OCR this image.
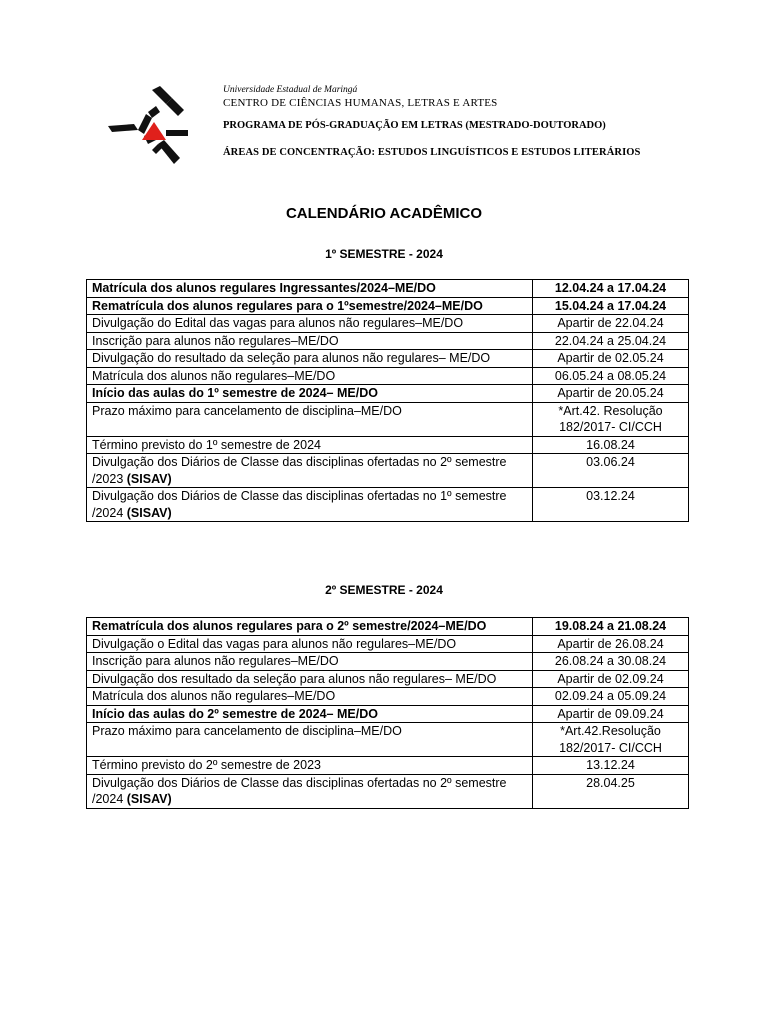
Universidade Estadual de Maringá
CENTRO DE CIÊNCIAS HUMANAS, LETRAS E ARTES
PROGRAMA DE PÓS-GRADUAÇÃO EM LETRAS (MESTRADO-DOUTORADO)
ÁREAS DE CONCENTRAÇÃO: ESTUDOS LINGUÍSTICOS E ESTUDOS LITERÁRIOS
CALENDÁRIO ACADÊMICO
1º SEMESTRE - 2024
Matrícula dos alunos regulares Ingressantes/2024–ME/DO	12.04.24 a 17.04.24
Rematrícula dos alunos regulares para o 1ºsemestre/2024–ME/DO	15.04.24 a 17.04.24
Divulgação do Edital das vagas para alunos não regulares–ME/DO	Apartir de 22.04.24
Inscrição para alunos não regulares–ME/DO	22.04.24 a 25.04.24
Divulgação do resultado da seleção para alunos não regulares– ME/DO	Apartir de 02.05.24
Matrícula dos alunos não regulares–ME/DO	06.05.24 a 08.05.24
Início das aulas do 1º semestre de 2024– ME/DO	Apartir de 20.05.24
Prazo máximo para cancelamento de disciplina–ME/DO	*Art.42. Resolução 182/2017- CI/CCH
Término previsto do 1º semestre de 2024	16.08.24
Divulgação dos Diários de Classe das disciplinas ofertadas no 2º semestre /2023 (SISAV)	03.06.24
Divulgação dos Diários de Classe das disciplinas ofertadas no 1º semestre /2024 (SISAV)	03.12.24
2º SEMESTRE - 2024
Rematrícula dos alunos regulares para o 2º semestre/2024–ME/DO	19.08.24 a 21.08.24
Divulgação o Edital das vagas para alunos não regulares–ME/DO	Apartir de 26.08.24
Inscrição para alunos não regulares–ME/DO	26.08.24 a 30.08.24
Divulgação dos resultado da seleção para alunos não regulares– ME/DO	Apartir de 02.09.24
Matrícula dos alunos não regulares–ME/DO	02.09.24 a 05.09.24
Início das aulas do 2º semestre de 2024– ME/DO	Apartir de 09.09.24
Prazo máximo para cancelamento de disciplina–ME/DO	*Art.42.Resolução 182/2017- CI/CCH
Término previsto do 2º semestre de 2023	13.12.24
Divulgação dos Diários de Classe das disciplinas ofertadas no 2º semestre /2024 (SISAV)	28.04.25
